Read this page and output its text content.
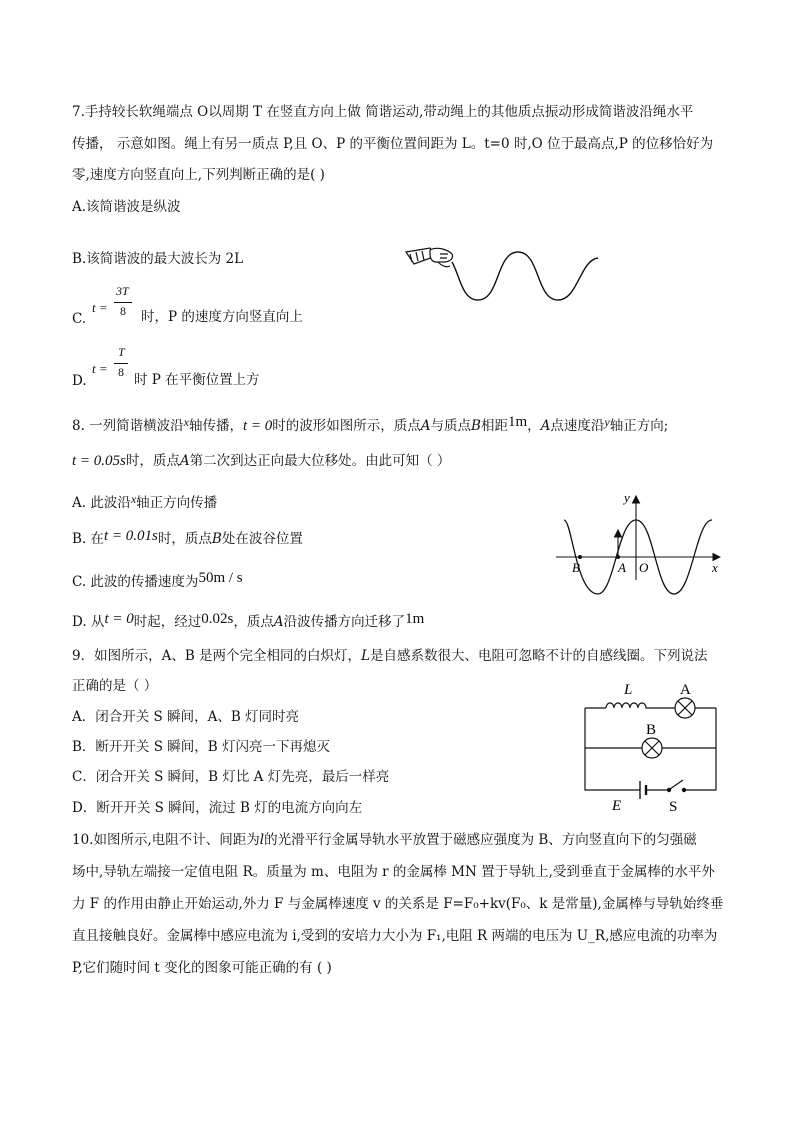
7.手持较长软绳端点 O以周期 T 在竖直方向上做 简谐运动,带动绳上的其他质点振动形成简谐波沿绳水平
传播， 示意如图。绳上有另一质点 P,且 O、P 的平衡位置间距为 L。t=0 时,O 位于最高点,P 的位移恰好为
零,速度方向竖直向上,下列判断正确的是( )
A.该简谐波是纵波
B.该简谐波的最大波长为 2L
C.
t =
3T
8 时，P 的速度方向竖直向上
D.
t =
T
8 时 P 在平衡位置上方
8. 一列简谐横波沿x轴传播，t = 0时的波形如图所示，质点A与质点B相距1m，A点速度沿y轴正方向;
t = 0.05s时，质点A第二次到达正向最大位移处。由此可知（ ）
A. 此波沿x轴正方向传播
B. 在t = 0.01s时，质点B处在波谷位置
C. 此波的传播速度为50m / s
D. 从t = 0时起，经过0.02s，质点A沿波传播方向迁移了1m
y
x
B	A O
9．如图所示，A、B 是两个完全相同的白炽灯，L是自感系数很大、电阻可忽略不计的自感线圈。下列说法
正确的是（ ）
A．闭合开关 S 瞬间，A、B 灯同时亮
B．断开开关 S 瞬间，B 灯闪亮一下再熄灭
C．闭合开关 S 瞬间，B 灯比 A 灯先亮，最后一样亮
D．断开开关 S 瞬间，流过 B 灯的电流方向向左
L	A
B
E	S
10.如图所示,电阻不计、间距为l的光滑平行金属导轨水平放置于磁感应强度为 B、方向竖直向下的匀强磁
场中,导轨左端接一定值电阻 R。质量为 m、电阻为 r 的金属棒 MN 置于导轨上,受到垂直于金属棒的水平外
力 F 的作用由静止开始运动,外力 F 与金属棒速度 v 的关系是 F=F₀+kv(F₀、k 是常量),金属棒与导轨始终垂
直且接触良好。金属棒中感应电流为 i,受到的安培力大小为 F₁,电阻 R 两端的电压为 U_R,感应电流的功率为
P,它们随时间 t 变化的图象可能正确的有 ( )
